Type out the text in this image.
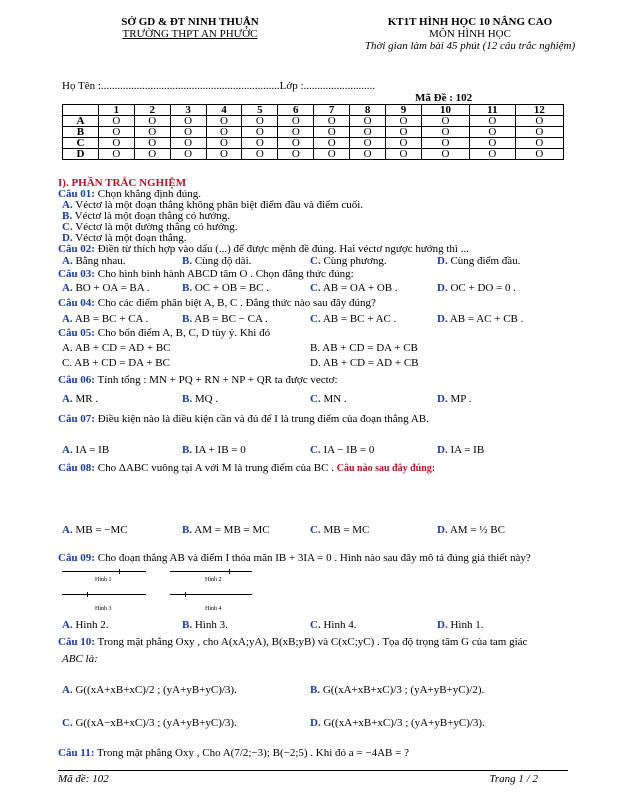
SỞ GD & ĐT NINH THUẬN
TRƯỜNG THPT AN PHƯỚC
KT1T HÌNH HỌC 10 NÂNG CAO
MÔN HÌNH HỌC
Thời gian làm bài 45 phút (12 câu trắc nghiệm)
Họ Tên :.................................................................Lớp :..........................
Mã Đề : 102
	1	2	3	4	5	6	7	8	9	10	11	12
A	O	O	O	O	O	O	O	O	O	O	O	O
B	O	O	O	O	O	O	O	O	O	O	O	O
C	O	O	O	O	O	O	O	O	O	O	O	O
D	O	O	O	O	O	O	O	O	O	O	O	O
I). PHẦN TRẮC NGHIỆM
Câu 01: Chọn khẳng định đúng.
A. Véctơ là một đoạn thẳng không phân biệt điểm đầu và điểm cuối.
B. Véctơ là một đoạn thẳng có hướng.
C. Véctơ là một đường thẳng có hướng.
D. Véctơ là một đoạn thẳng.
Câu 02: Điền từ thích hợp vào dấu (...) để được mệnh đề đúng. Hai véctơ ngược hướng thì ...
A. Bằng nhau.	B. Cùng độ dài.	C. Cùng phương.	D. Cùng điểm đầu.
Câu 03: Cho hình bình hành ABCD tâm O . Chọn đẳng thức đúng:
A. BO + OA = BA .	B. OC + OB = BC .	C. AB = OA + OB .	D. OC + DO = 0 .
Câu 04: Cho các điểm phân biệt A, B, C . Đẳng thức nào sau đây đúng?
A. AB = BC + CA .	B. AB = BC − CA .	C. AB = BC + AC .	D. AB = AC + CB .
Câu 05: Cho bốn điểm A, B, C, D tùy ý. Khi đó
A. AB + CD = AD + BC	B. AB + CD = DA + CB
C. AB + CD = DA + BC	D. AB + CD = AD + CB
Câu 06: Tính tổng : MN + PQ + RN + NP + QR ta được vectơ:
A. MR .	B. MQ .	C. MN .	D. MP .
Câu 07: Điều kiện nào là điều kiện cần và đủ để I là trung điểm của đoạn thẳng AB.
A. IA = IB	B. IA + IB = 0	C. IA − IB = 0	D. IA = IB
Câu 08: Cho ΔABC vuông tại A với M là trung điểm của BC . Câu nào sau đây đúng:
A. MB = −MC	B. AM = MB = MC	C. MB = MC	D. AM = ½ BC
Câu 09: Cho đoạn thẳng AB và điểm I thỏa mãn IB + 3IA = 0 . Hình nào sau đây mô tả đúng giả thiết này?
Hình 1	Hình 2
Hình 3	Hình 4
A. Hình 2.	B. Hình 3.	C. Hình 4.	D. Hình 1.
Câu 10: Trong mặt phẳng Oxy , cho A(xA;yA), B(xB;yB) và C(xC;yC) . Tọa độ trọng tâm G của tam giác
ABC là:
A. G((xA+xB+xC)/2 ; (yA+yB+yC)/3).	B. G((xA+xB+xC)/3 ; (yA+yB+yC)/2).
C. G((xA−xB+xC)/3 ; (yA+yB+yC)/3).	D. G((xA+xB+xC)/3 ; (yA+yB+yC)/3).
Câu 11: Trong mặt phẳng Oxy , Cho A(7/2;−3); B(−2;5) . Khi đó a = −4AB = ?
Mã đề: 102	Trang 1 / 2
